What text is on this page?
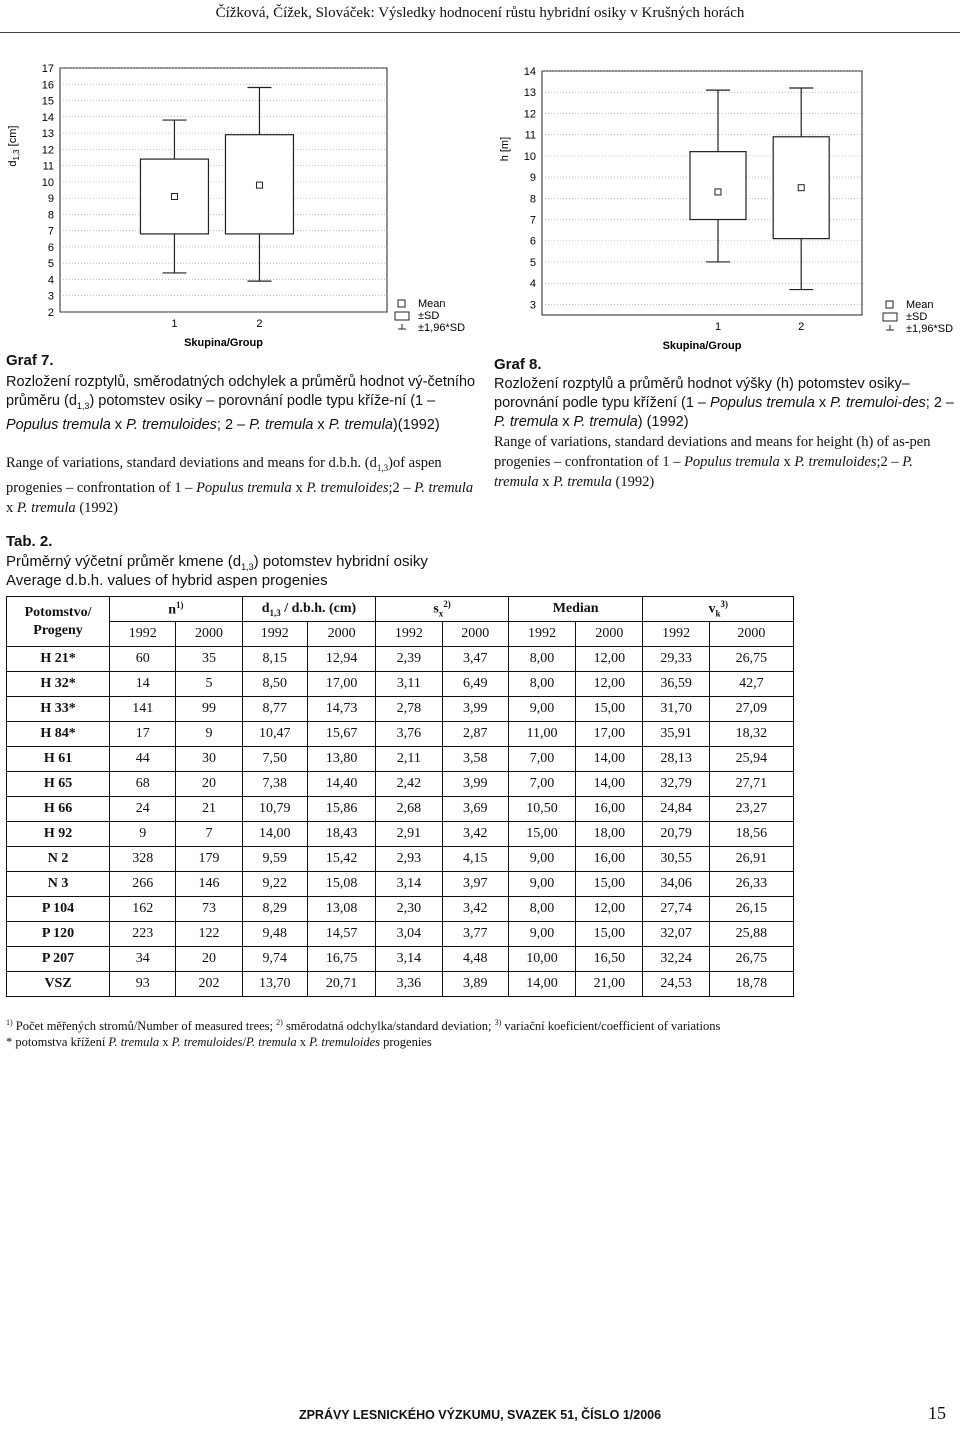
Čížková, Čížek, Slováček: Výsledky hodnocení růstu hybridní osiky v Krušných horách
2
3
4
5
6
7
8
9
10
11
12
13
14
15
16
17
$d_{1,3}$ [cm]
1	2
Skupina/Group
Mean
±SD
±1,96*SD
3
4
5
6
7
8
9
10
11
12
13
14
h [m]
1	2
Skupina/Group
Mean
±SD
±1,96*SD
Graf 7.
Rozložení rozptylů, směrodatných odchylek a průměrů hodnot vý-četního průměru $(d_{1,3})$ potomstev osiky – porovnání podle typu kříže-ní (1 – Populus tremula x P. tremuloides; 2 – P. tremula x P. tremula)(1992)
Range of variations, standard deviations and means for d.b.h. $(d_{1,3})of$ aspen progenies – confrontation of 1 – Populus tremula x P. tremuloides;2 – P. tremula x P. tremula (1992)
Graf 8.
Rozložení rozptylů a průměrů hodnot výšky (h) potomstev osiky– porovnání podle typu křížení (1 – Populus tremula x P. tremuloi-des; 2 – P. tremula x P. tremula) (1992)
Range of variations, standard deviations and means for height (h) of as-pen progenies – confrontation of 1 – Populus tremula x P. tremuloides;2 – P. tremula x P. tremula (1992)
Tab. 2.
Průměrný výčetní průměr kmene $(d_{1,3})$ potomstev hybridní osiky
Average d.b.h. values of hybrid aspen progenies
Potomstvo/ Progeny	$n^{1)}$		$d_{1,3} / d.b.h$. (cm)		$s_x^{2)}$		Median		$v_k^{3)}$
	1992	2000	1992	2000	1992	2000	1992	2000	1992	2000
H 21*	60	35	8,15	12,94	2,39	3,47	8,00	12,00	29,33	26,75
H 32*	14	5	8,50	17,00	3,11	6,49	8,00	12,00	36,59	42,7
H 33*	141	99	8,77	14,73	2,78	3,99	9,00	15,00	31,70	27,09
H 84*	17	9	10,47	15,67	3,76	2,87	11,00	17,00	35,91	18,32
H 61	44	30	7,50	13,80	2,11	3,58	7,00	14,00	28,13	25,94
H 65	68	20	7,38	14,40	2,42	3,99	7,00	14,00	32,79	27,71
H 66	24	21	10,79	15,86	2,68	3,69	10,50	16,00	24,84	23,27
H 92	9	7	14,00	18,43	2,91	3,42	15,00	18,00	20,79	18,56
N 2	328	179	9,59	15,42	2,93	4,15	9,00	16,00	30,55	26,91
N 3	266	146	9,22	15,08	3,14	3,97	9,00	15,00	34,06	26,33
P 104	162	73	8,29	13,08	2,30	3,42	8,00	12,00	27,74	26,15
P 120	223	122	9,48	14,57	3,04	3,77	9,00	15,00	32,07	25,88
P 207	34	20	9,74	16,75	3,14	4,48	10,00	16,50	32,24	26,75
VSZ	93	202	13,70	20,71	3,36	3,89	14,00	21,00	24,53	18,78
$^{1)}$ Počet měřených stromů/Number of measured trees; $^{2)}$ směrodatná odchylka/standard deviation; $^{3)}$ variační koeficient/coefficient of variations
* potomstva křížení P. tremula x P. tremuloides/P. tremula x P. tremuloides progenies
ZPRÁVY LESNICKÉHO VÝZKUMU, SVAZEK 51, ČÍSLO 1/2006	15
